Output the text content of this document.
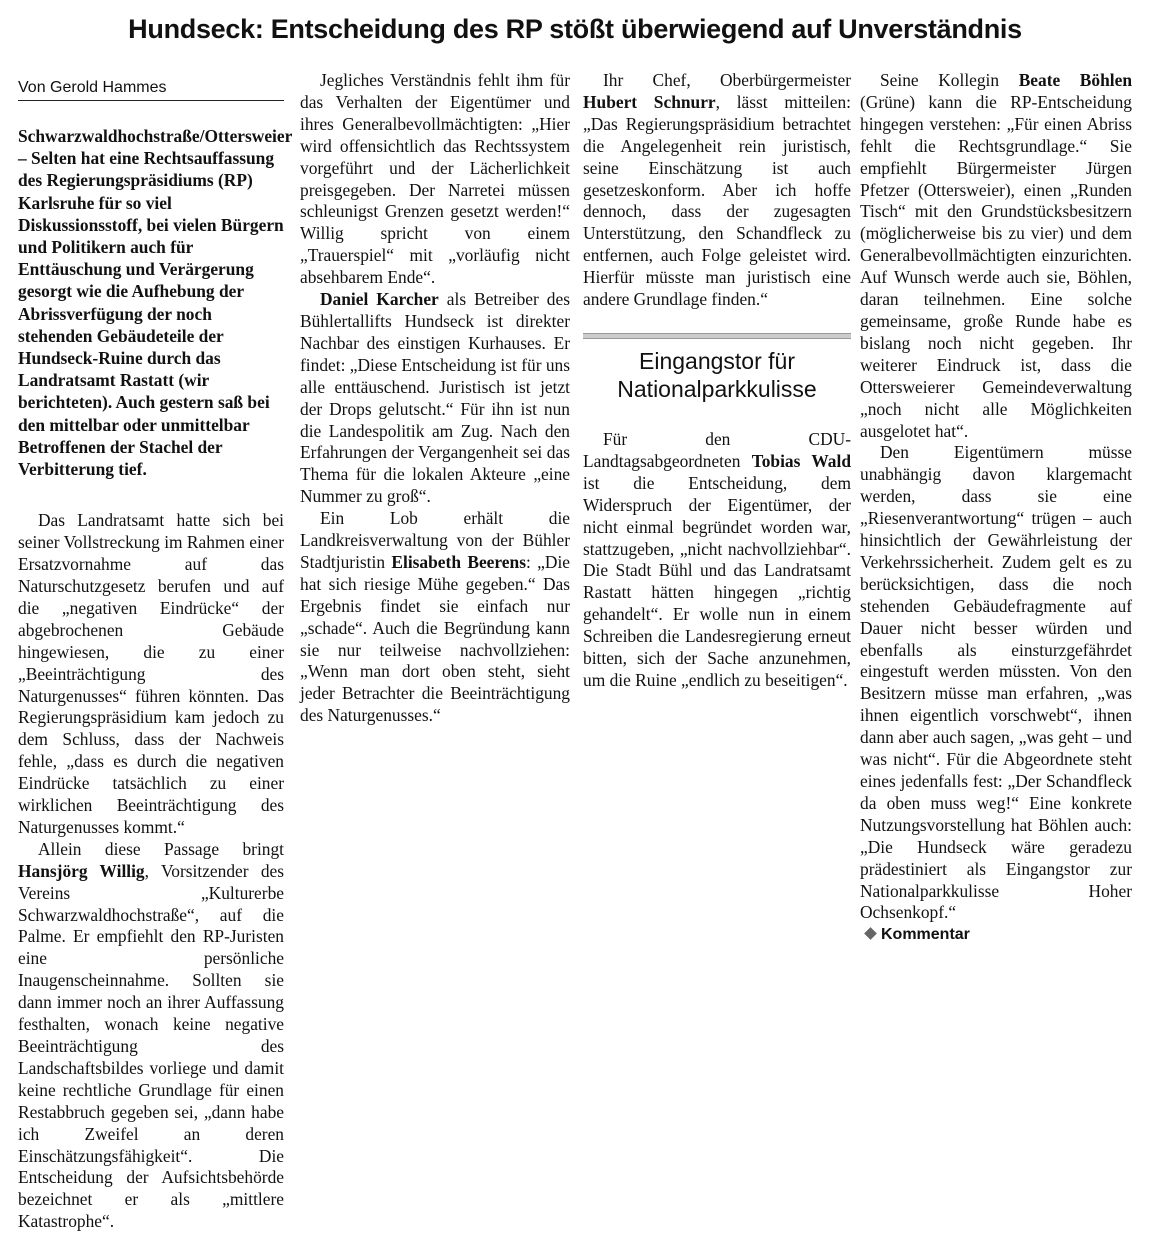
Hundseck: Entscheidung des RP stößt überwiegend auf Unverständnis
Von Gerold Hammes

Schwarzwaldhochstraße/Ottersweier – Selten hat eine Rechtsauffassung des Regierungspräsidiums (RP) Karlsruhe für so viel Diskussionsstoff, bei vielen Bürgern und Politikern auch für Enttäuschung und Verärgerung gesorgt wie die Aufhebung der Abrissverfügung der noch stehenden Gebäudeteile der Hundseck-Ruine durch das Landratsamt Rastatt (wir berichteten). Auch gestern saß bei den mittelbar oder unmittelbar Betroffenen der Stachel der Verbitterung tief.

Das Landratsamt hatte sich bei seiner Vollstreckung im Rahmen einer Ersatzvornahme auf das Naturschutzgesetz berufen und auf die „negativen Eindrücke“ der abgebrochenen Gebäude hingewiesen, die zu einer „Beeinträchtigung des Naturgenusses“ führen könnten. Das Regierungspräsidium kam jedoch zu dem Schluss, dass der Nachweis fehle, „dass es durch die negativen Eindrücke tatsächlich zu einer wirklichen Beeinträchtigung des Naturgenusses kommt.“

Allein diese Passage bringt Hansjörg Willig, Vorsitzender des Vereins „Kulturerbe Schwarzwaldhochstraße“, auf die Palme. Er empfiehlt den RP-Juristen eine persönliche Inaugenscheinnahme. Sollten sie dann immer noch an ihrer Auffassung festhalten, wonach keine negative Beeinträchtigung des Landschaftsbildes vorliege und damit keine rechtliche Grundlage für einen Restabbruch gegeben sei, „dann habe ich Zweifel an deren Einschätzungsfähigkeit“. Die Entscheidung der Aufsichtsbehörde bezeichnet er als „mittlere Katastrophe“.

Jegliches Verständnis fehlt ihm für das Verhalten der Eigentümer und ihres Generalbevollmächtigten: „Hier wird offensichtlich das Rechtssystem vorgeführt und der Lächerlichkeit preisgegeben. Der Narretei müssen schleunigst Grenzen gesetzt werden!“ Willig spricht von einem „Trauerspiel“ mit „vorläufig nicht absehbarem Ende“.

Daniel Karcher als Betreiber des Bühlertallifts Hundseck ist direkter Nachbar des einstigen Kurhauses. Er findet: „Diese Entscheidung ist für uns alle enttäuschend. Juristisch ist jetzt der Drops gelutscht.“ Für ihn ist nun die Landespolitik am Zug. Nach den Erfahrungen der Vergangenheit sei das Thema für die lokalen Akteure „eine Nummer zu groß“.

Ein Lob erhält die Landkreisverwaltung von der Bühler Stadtjuristin Elisabeth Beerens: „Die hat sich riesige Mühe gegeben.“ Das Ergebnis findet sie einfach nur „schade“. Auch die Begründung kann sie nur teilweise nachvollziehen: „Wenn man dort oben steht, sieht jeder Betrachter die Beeinträchtigung des Naturgenusses.“

Ihr Chef, Oberbürgermeister Hubert Schnurr, lässt mitteilen: „Das Regierungspräsidium betrachtet die Angelegenheit rein juristisch, seine Einschätzung ist auch gesetzeskonform. Aber ich hoffe dennoch, dass der zugesagten Unterstützung, den Schandfleck zu entfernen, auch Folge geleistet wird. Hierfür müsste man juristisch eine andere Grundlage finden.“

Eingangstor für
Nationalparkkulisse

Für den CDU-Landtagsabgeordneten Tobias Wald ist die Entscheidung, dem Widerspruch der Eigentümer, der nicht einmal begründet worden war, stattzugeben, „nicht nachvollziehbar“. Die Stadt Bühl und das Landratsamt Rastatt hätten hingegen „richtig gehandelt“. Er wolle nun in einem Schreiben die Landesregierung erneut bitten, sich der Sache anzunehmen, um die Ruine „endlich zu beseitigen“.

Seine Kollegin Beate Böhlen (Grüne) kann die RP-Entscheidung hingegen verstehen: „Für einen Abriss fehlt die Rechtsgrundlage.“ Sie empfiehlt Bürgermeister Jürgen Pfetzer (Ottersweier), einen „Runden Tisch“ mit den Grundstücksbesitzern (möglicherweise bis zu vier) und dem Generalbevollmächtigten einzurichten. Auf Wunsch werde auch sie, Böhlen, daran teilnehmen. Eine solche gemeinsame, große Runde habe es bislang noch nicht gegeben. Ihr weiterer Eindruck ist, dass die Ottersweierer Gemeindeverwaltung „noch nicht alle Möglichkeiten ausgelotet hat“.

Den Eigentümern müsse unabhängig davon klargemacht werden, dass sie eine „Riesenverantwortung“ trügen – auch hinsichtlich der Gewährleistung der Verkehrssicherheit. Zudem gelt es zu berücksichtigen, dass die noch stehenden Gebäudefragmente auf Dauer nicht besser würden und ebenfalls als einsturzgefährdet eingestuft werden müssten. Von den Besitzern müsse man erfahren, „was ihnen eigentlich vorschwebt“, ihnen dann aber auch sagen, „was geht – und was nicht“. Für die Abgeordnete steht eines jedenfalls fest: „Der Schandfleck da oben muss weg!“ Eine konkrete Nutzungsvorstellung hat Böhlen auch: „Die Hundseck wäre geradezu prädestiniert als Eingangstor zur Nationalparkkulisse Hoher Ochsenkopf.“

Kommentar
